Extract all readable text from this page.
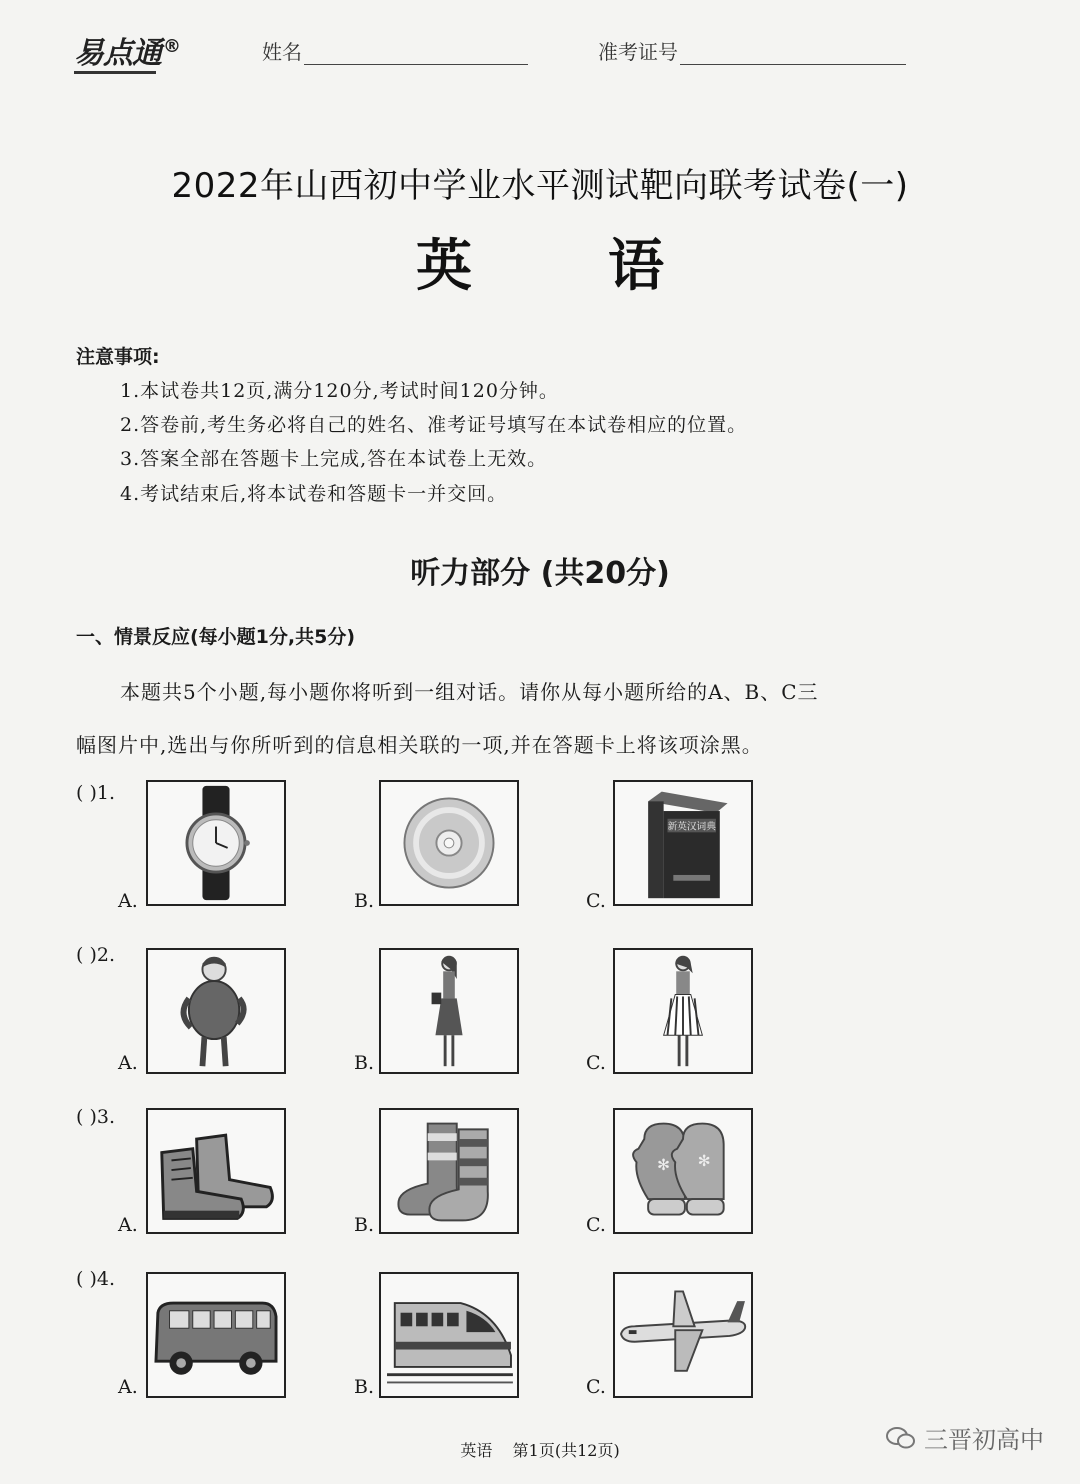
易点通 ®	姓名	准考证号
2022年山西初中学业水平测试靶向联考试卷(一)
英 语
注意事项:
1.本试卷共12页,满分120分,考试时间120分钟。
2.答卷前,考生务必将自己的姓名、准考证号填写在本试卷相应的位置。
3.答案全部在答题卡上完成,答在本试卷上无效。
4.考试结束后,将本试卷和答题卡一并交回。
听力部分 (共20分)
一、情景反应(每小题1分,共5分)
本题共5个小题,每小题你将听到一组对话。请你从每小题所给的A、B、C三
幅图片中,选出与你所听到的信息相关联的一项,并在答题卡上将该项涂黑。
( )1.
A.	B.	C.
新英汉词典
( )2.
A.	B.	C.
( )3.
A.	B.	C.
✻ ✻
( )4.
A.	B.	C.
英语    第1页(共12页)	三晋初高中
